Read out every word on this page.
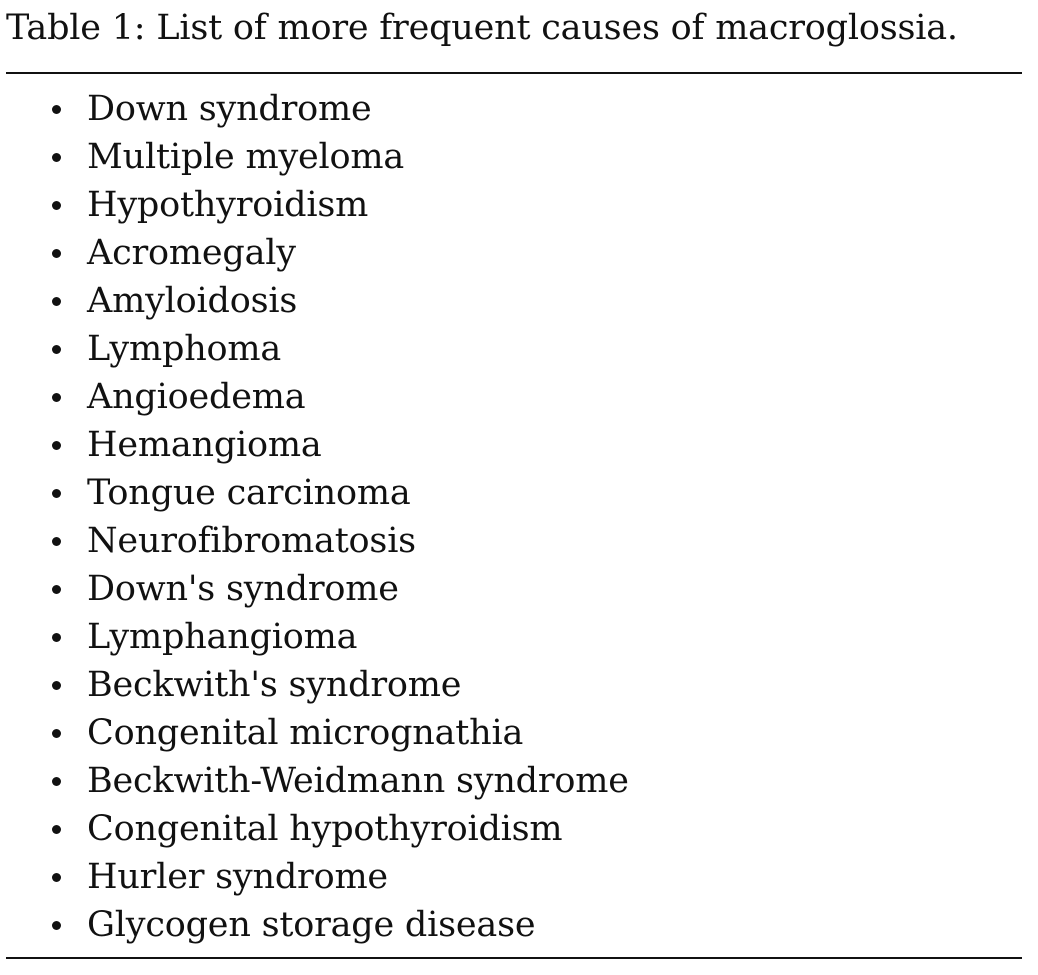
Table 1: List of more frequent causes of macroglossia.
Down syndrome
Multiple myeloma
Hypothyroidism
Acromegaly
Amyloidosis
Lymphoma
Angioedema
Hemangioma
Tongue carcinoma
Neurofibromatosis
Down's syndrome
Lymphangioma
Beckwith's syndrome
Congenital micrognathia
Beckwith-Weidmann syndrome
Congenital hypothyroidism
Hurler syndrome
Glycogen storage disease
